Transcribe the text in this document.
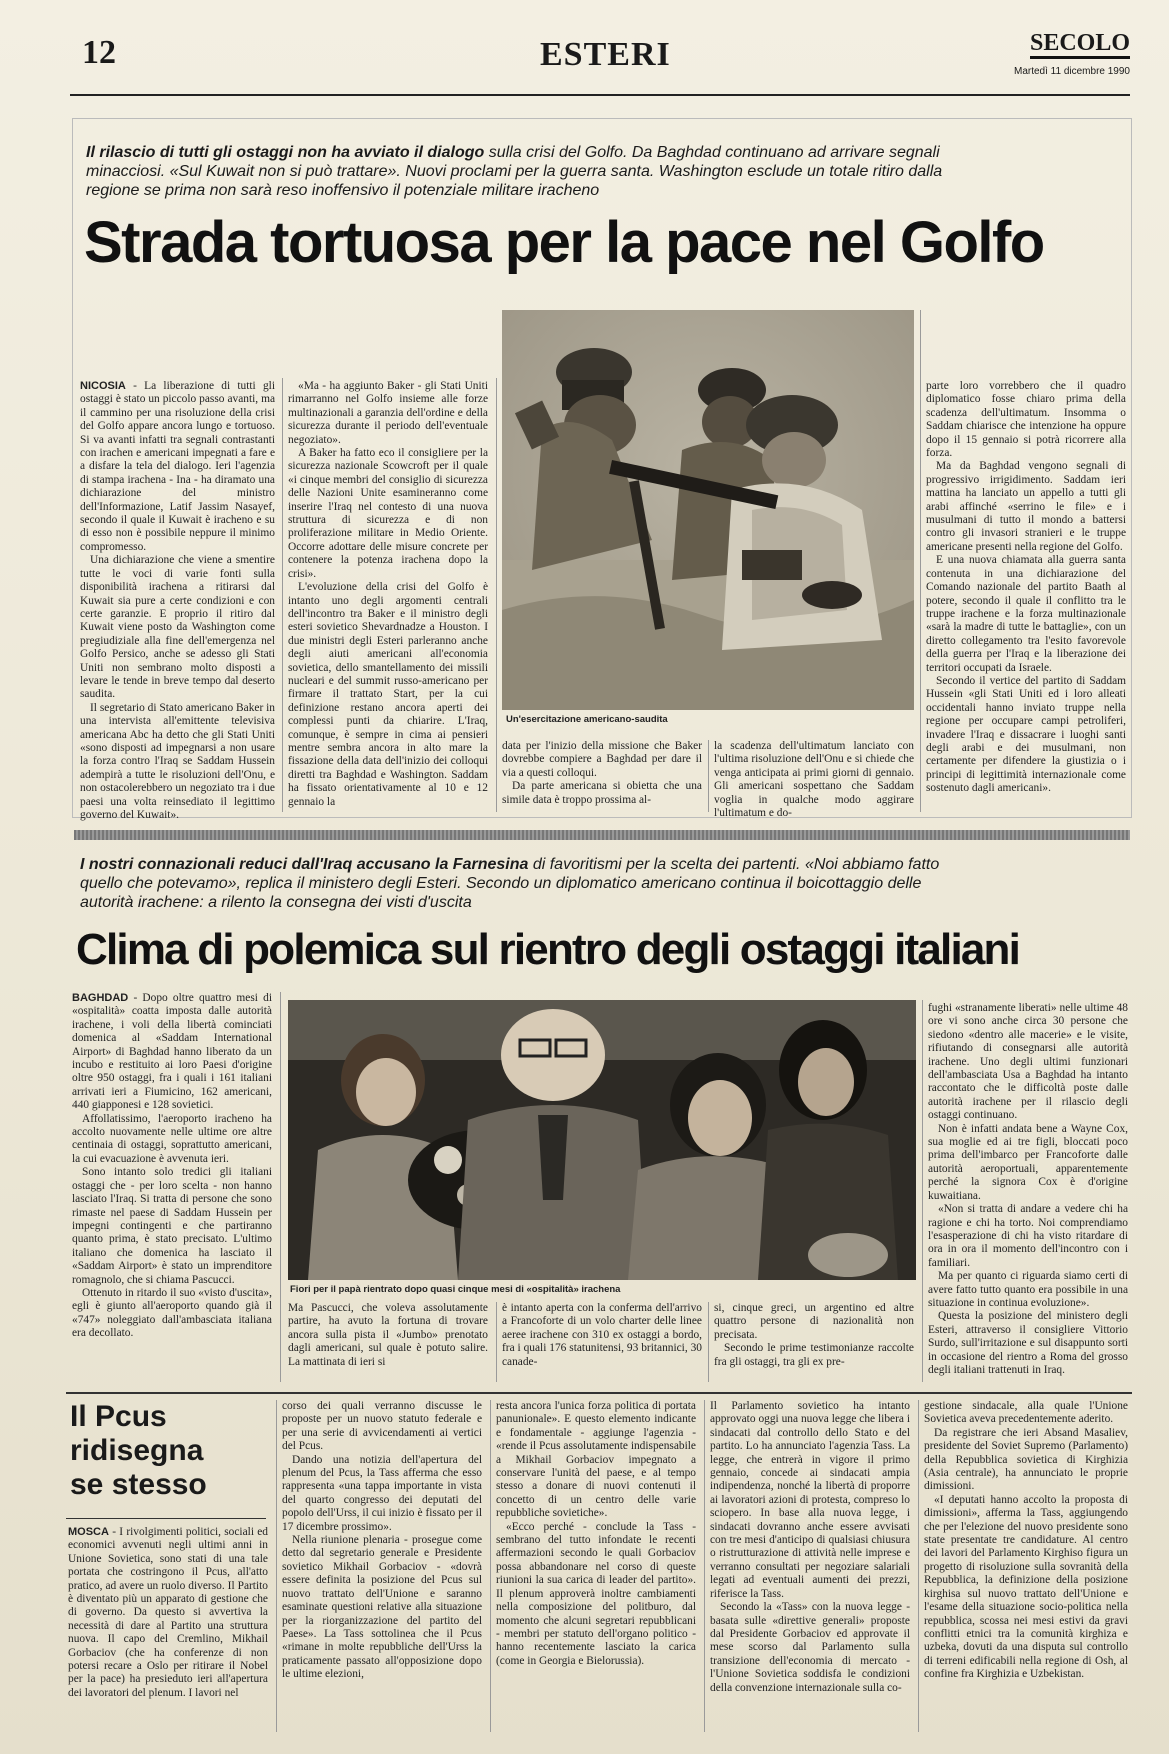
12	ESTERI	SECOLO
Martedì 11 dicembre 1990
Il rilascio di tutti gli ostaggi non ha avviato il dialogo sulla crisi del Golfo. Da Baghdad continuano ad arrivare segnali minacciosi. «Sul Kuwait non si può trattare». Nuovi proclami per la guerra santa. Washington esclude un totale ritiro dalla regione se prima non sarà reso inoffensivo il potenziale militare iracheno
Strada tortuosa per la pace nel Golfo

NICOSIA - La liberazione di tutti gli ostaggi è stato un piccolo passo avanti, ma il cammino per una risoluzione della crisi del Golfo appare ancora lungo e tortuoso. Si va avanti infatti tra segnali contrastanti con irachen e americani impegnati a fare e a disfare la tela del dialogo. Ieri l'agenzia di stampa irachena - Ina - ha diramato una dichiarazione del ministro dell'Informazione, Latif Jassim Nasayef, secondo il quale il Kuwait è iracheno e su di esso non è possibile neppure il minimo compromesso.

Una dichiarazione che viene a smentire tutte le voci di varie fonti sulla disponibilità irachena a ritirarsi dal Kuwait sia pure a certe condizioni e con certe garanzie. E proprio il ritiro dal Kuwait viene posto da Washington come pregiudiziale alla fine dell'emergenza nel Golfo Persico, anche se adesso gli Stati Uniti non sembrano molto disposti a levare le tende in breve tempo dal deserto saudita.

Il segretario di Stato americano Baker in una intervista all'emittente televisiva americana Abc ha detto che gli Stati Uniti «sono disposti ad impegnarsi a non usare la forza contro l'Iraq se Saddam Hussein adempirà a tutte le risoluzioni dell'Onu, e non ostacolerebbero un negoziato tra i due paesi una volta reinsediato il legittimo governo del Kuwait».

«Ma - ha aggiunto Baker - gli Stati Uniti rimarranno nel Golfo insieme alle forze multinazionali a garanzia dell'ordine e della sicurezza durante il periodo dell'eventuale negoziato».

A Baker ha fatto eco il consigliere per la sicurezza nazionale Scowcroft per il quale «i cinque membri del consiglio di sicurezza delle Nazioni Unite esamineranno come inserire l'Iraq nel contesto di una nuova struttura di sicurezza e di non proliferazione militare in Medio Oriente. Occorre adottare delle misure concrete per contenere la potenza irachena dopo la crisi».

L'evoluzione della crisi del Golfo è intanto uno degli argomenti centrali dell'incontro tra Baker e il ministro degli esteri sovietico Shevardnadze a Houston. I due ministri degli Esteri parleranno anche degli aiuti americani all'economia sovietica, dello smantellamento dei missili nucleari e del summit russo-americano per firmare il trattato Start, per la cui definizione restano ancora aperti dei complessi punti da chiarire. L'Iraq, comunque, è sempre in cima ai pensieri mentre sembra ancora in alto mare la fissazione della data dell'inizio dei colloqui diretti tra Baghdad e Washington. Saddam ha fissato orientativamente al 10 e 12 gennaio la

Un'esercitazione americano-saudita

data per l'inizio della missione che Baker dovrebbe compiere a Baghdad per dare il via a questi colloqui.

Da parte americana si obietta che una simile data è troppo prossima al-

la scadenza dell'ultimatum lanciato con l'ultima risoluzione dell'Onu e si chiede che venga anticipata ai primi giorni di gennaio. Gli americani sospettano che Saddam voglia in qualche modo aggirare l'ultimatum e do-

parte loro vorrebbero che il quadro diplomatico fosse chiaro prima della scadenza dell'ultimatum. Insomma o Saddam chiarisce che intenzione ha oppure dopo il 15 gennaio si potrà ricorrere alla forza.

Ma da Baghdad vengono segnali di progressivo irrigidimento. Saddam ieri mattina ha lanciato un appello a tutti gli arabi affinché «serrino le file» e i musulmani di tutto il mondo a battersi contro gli invasori stranieri e le truppe americane presenti nella regione del Golfo.

E una nuova chiamata alla guerra santa contenuta in una dichiarazione del Comando nazionale del partito Baath al potere, secondo il quale il conflitto tra le truppe irachene e la forza multinazionale «sarà la madre di tutte le battaglie», con un diretto collegamento tra l'esito favorevole della guerra per l'Iraq e la liberazione dei territori occupati da Israele.

Secondo il vertice del partito di Saddam Hussein «gli Stati Uniti ed i loro alleati occidentali hanno inviato truppe nella regione per occupare campi petroliferi, invadere l'Iraq e dissacrare i luoghi santi degli arabi e dei musulmani, non certamente per difendere la giustizia o i principi di legittimità internazionale come sostenuto dagli americani».

I nostri connazionali reduci dall'Iraq accusano la Farnesina di favoritismi per la scelta dei partenti. «Noi abbiamo fatto quello che potevamo», replica il ministero degli Esteri. Secondo un diplomatico americano continua il boicottaggio delle autorità irachene: a rilento la consegna dei visti d'uscita
Clima di polemica sul rientro degli ostaggi italiani

BAGHDAD - Dopo oltre quattro mesi di «ospitalità» coatta imposta dalle autorità irachene, i voli della libertà cominciati domenica al «Saddam International Airport» di Baghdad hanno liberato da un incubo e restituito ai loro Paesi d'origine oltre 950 ostaggi, fra i quali i 161 italiani arrivati ieri a Fiumicino, 162 americani, 440 giapponesi e 128 sovietici.

Affollatissimo, l'aeroporto iracheno ha accolto nuovamente nelle ultime ore altre centinaia di ostaggi, soprattutto americani, la cui evacuazione è avvenuta ieri.

Sono intanto solo tredici gli italiani ostaggi che - per loro scelta - non hanno lasciato l'Iraq. Si tratta di persone che sono rimaste nel paese di Saddam Hussein per impegni contingenti e che partiranno quanto prima, è stato precisato. L'ultimo italiano che domenica ha lasciato il «Saddam Airport» è stato un imprenditore romagnolo, che si chiama Pascucci.

Ottenuto in ritardo il suo «visto d'uscita», egli è giunto all'aeroporto quando già il «747» noleggiato dall'ambasciata italiana era decollato.

Fiori per il papà rientrato dopo quasi cinque mesi di «ospitalità» irachena

Ma Pascucci, che voleva assolutamente partire, ha avuto la fortuna di trovare ancora sulla pista il «Jumbo» prenotato dagli americani, sul quale è potuto salire. La mattinata di ieri si

è intanto aperta con la conferma dell'arrivo a Francoforte di un volo charter delle linee aeree irachene con 310 ex ostaggi a bordo, fra i quali 176 statunitensi, 93 britannici, 30 canade-

si, cinque greci, un argentino ed altre quattro persone di nazionalità non precisata.

Secondo le prime testimonianze raccolte fra gli ostaggi, tra gli ex pre-

fughi «stranamente liberati» nelle ultime 48 ore vi sono anche circa 30 persone che siedono «dentro alle macerie» e le visite, rifiutando di consegnarsi alle autorità irachene. Uno degli ultimi funzionari dell'ambasciata Usa a Baghdad ha intanto raccontato che le difficoltà poste dalle autorità irachene per il rilascio degli ostaggi continuano.

Non è infatti andata bene a Wayne Cox, sua moglie ed ai tre figli, bloccati poco prima dell'imbarco per Francoforte dalle autorità aeroportuali, apparentemente perché la signora Cox è d'origine kuwaitiana.

«Non si tratta di andare a vedere chi ha ragione e chi ha torto. Noi comprendiamo l'esasperazione di chi ha visto ritardare di ora in ora il momento dell'incontro con i familiari.

Ma per quanto ci riguarda siamo certi di avere fatto tutto quanto era possibile in una situazione in continua evoluzione».

Questa la posizione del ministero degli Esteri, attraverso il consigliere Vittorio Surdo, sull'irritazione e sul disappunto sorti in occasione del rientro a Roma del grosso degli italiani trattenuti in Iraq.

Il Pcus ridisegna se stesso

MOSCA - I rivolgimenti politici, sociali ed economici avvenuti negli ultimi anni in Unione Sovietica, sono stati di una tale portata che costringono il Pcus, all'atto pratico, ad avere un ruolo diverso. Il Partito è diventato più un apparato di gestione che di governo. Da questo si avvertiva la necessità di dare al Partito una struttura nuova. Il capo del Cremlino, Mikhail Gorbaciov (che ha conferenze di non potersi recare a Oslo per ritirare il Nobel per la pace) ha presieduto ieri all'apertura dei lavoratori del plenum. I lavori nel

corso dei quali verranno discusse le proposte per un nuovo statuto federale e per una serie di avvicendamenti ai vertici del Pcus.

Dando una notizia dell'apertura del plenum del Pcus, la Tass afferma che esso rappresenta «una tappa importante in vista del quarto congresso dei deputati del popolo dell'Urss, il cui inizio è fissato per il 17 dicembre prossimo».

Nella riunione plenaria - prosegue come detto dal segretario generale e Presidente sovietico Mikhail Gorbaciov - «dovrà essere definita la posizione del Pcus sul nuovo trattato dell'Unione e saranno esaminate questioni relative alla situazione per la riorganizzazione del partito del Paese». La Tass sottolinea che il Pcus «rimane in molte repubbliche dell'Urss la praticamente passato all'opposizione dopo le ultime elezioni,

resta ancora l'unica forza politica di portata panunionale». E questo elemento indicante e fondamentale - aggiunge l'agenzia - «rende il Pcus assolutamente indispensabile a Mikhail Gorbaciov impegnato a conservare l'unità del paese, e al tempo stesso a donare di nuovi contenuti il concetto di un centro delle varie repubbliche sovietiche».

«Ecco perché - conclude la Tass - sembrano del tutto infondate le recenti affermazioni secondo le quali Gorbaciov possa abbandonare nel corso di queste riunioni la sua carica di leader del partito». Il plenum approverà inoltre cambiamenti nella composizione del politburo, dal momento che alcuni segretari repubblicani - membri per statuto dell'organo politico - hanno recentemente lasciato la carica (come in Georgia e Bielorussia).

Il Parlamento sovietico ha intanto approvato oggi una nuova legge che libera i sindacati dal controllo dello Stato e del partito. Lo ha annunciato l'agenzia Tass. La legge, che entrerà in vigore il primo gennaio, concede ai sindacati ampia indipendenza, nonché la libertà di proporre ai lavoratori azioni di protesta, compreso lo sciopero. In base alla nuova legge, i sindacati dovranno anche essere avvisati con tre mesi d'anticipo di qualsiasi chiusura o ristrutturazione di attività nelle imprese e verranno consultati per negoziare salariali legati ad eventuali aumenti dei prezzi, riferisce la Tass.

Secondo la «Tass» con la nuova legge - basata sulle «direttive generali» proposte dal Presidente Gorbaciov ed approvate il mese scorso dal Parlamento sulla transizione dell'economia di mercato - l'Unione Sovietica soddisfa le condizioni della convenzione internazionale sulla co-

gestione sindacale, alla quale l'Unione Sovietica aveva precedentemente aderito.

Da registrare che ieri Absand Masaliev, presidente del Soviet Supremo (Parlamento) della Repubblica sovietica di Kirghizia (Asia centrale), ha annunciato le proprie dimissioni.

«I deputati hanno accolto la proposta di dimissioni», afferma la Tass, aggiungendo che per l'elezione del nuovo presidente sono state presentate tre candidature. Al centro dei lavori del Parlamento Kirghiso figura un progetto di risoluzione sulla sovranità della Repubblica, la definizione della posizione kirghisa sul nuovo trattato dell'Unione e l'esame della situazione socio-politica nella repubblica, scossa nei mesi estivi da gravi conflitti etnici tra la comunità kirghiza e uzbeka, dovuti da una disputa sul controllo di terreni edificabili nella regione di Osh, al confine fra Kirghizia e Uzbekistan.
